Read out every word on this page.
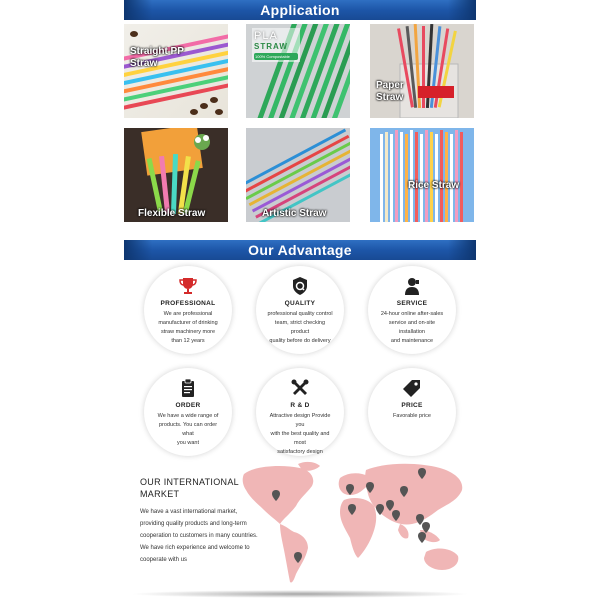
Application
Straight PP
Straw
PLA
STRAW
100% Compostable
Paper
Straw
Flexible Straw	Artistic Straw
Rice Straw
Our Advantage
PROFESSIONAL
We are professional
manufacturer of drinking
straw machinery more
than 12 years
QUALITY
professional quality control
team, strict checking product
quality before do delivery
SERVICE
24-hour online after-sales
service and on-site installation
and maintenance
ORDER
We have a wide range of
products. You can order what
you want
R & D
Attractive design Provide you
with the best quality and most
satisfactory design
PRICE
Favorable price
OUR INTERNATIONAL
MARKET
We have a vast international market,
providing quality products and long-term
cooperation to customers in many countries.
We have rich experience and welcome to
cooperate with us
